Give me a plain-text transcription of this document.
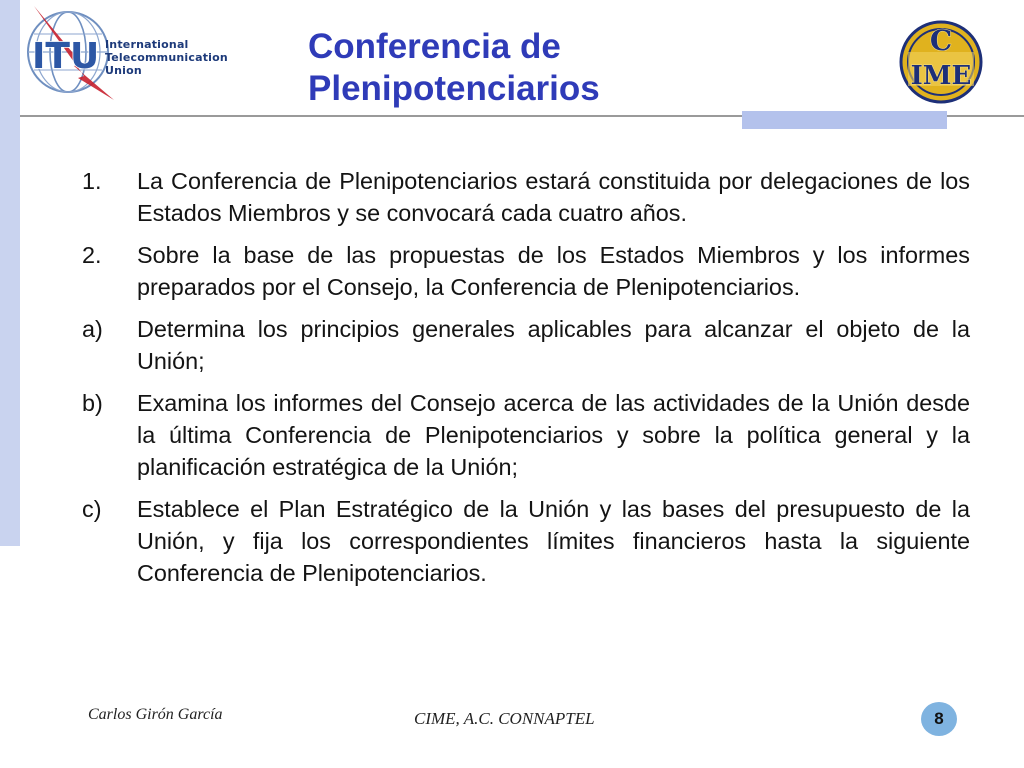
ITU International
Telecommunication
Union
Conferencia de Plenipotenciarios
C
IME
1.	La Conferencia de Plenipotenciarios estará constituida por delegaciones de los Estados Miembros y se convocará cada cuatro años.
2.	Sobre la base de las propuestas de los Estados Miembros y los informes preparados por el Consejo, la Conferencia de Plenipotenciarios.
a)	Determina los principios generales aplicables para alcanzar el objeto de la Unión;
b)	Examina los informes del Consejo acerca de las actividades de la Unión desde la última Conferencia de Plenipotenciarios y sobre la política general y la planificación estratégica de la Unión;
c)	Establece el Plan Estratégico de la Unión y las bases del presupuesto de la Unión, y fija los correspondientes límites financieros hasta la siguiente Conferencia de Plenipotenciarios.
Carlos Girón García	CIME, A.C. CONNAPTEL	8
